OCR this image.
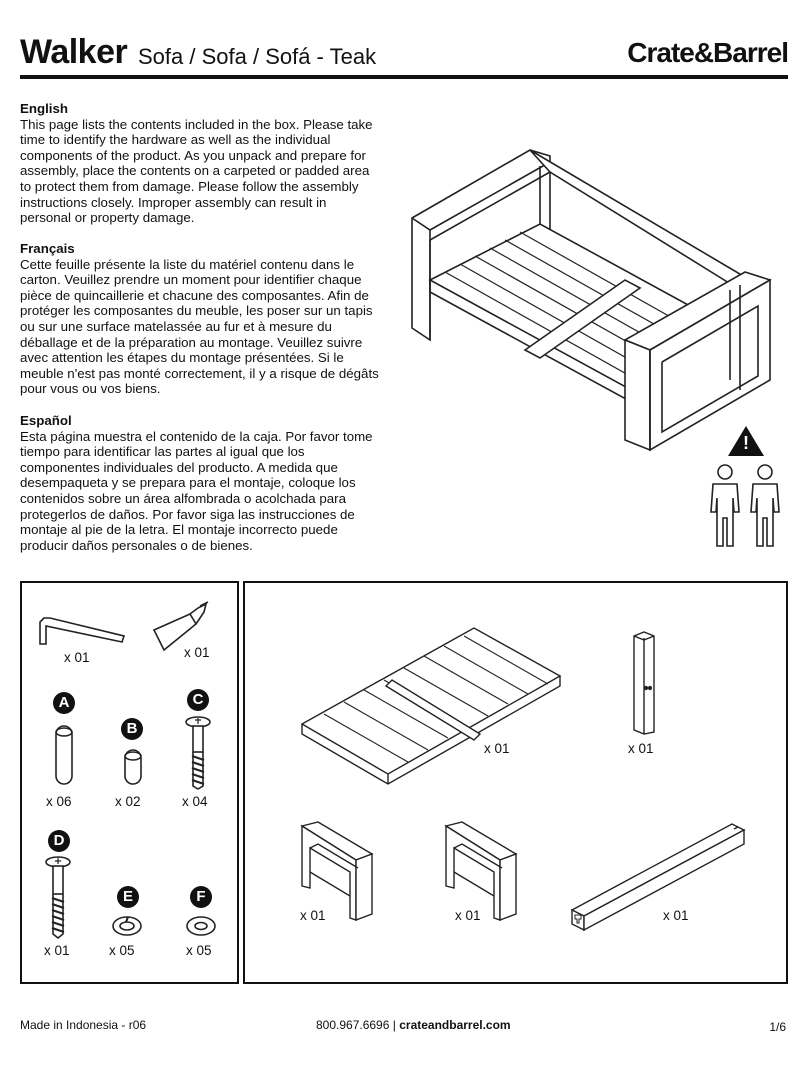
Walker Sofa / Sofa / Sofá - Teak	Crate&Barrel
English
This page lists the contents included in the box. Please take time to identify the hardware as well as the individual components of the product. As you unpack and prepare for assembly, place the contents on a carpeted or padded area to protect them from damage. Please follow the assembly instructions closely. Improper assembly can result in personal or property damage.
Français
Cette feuille présente la liste du matériel contenu dans le carton. Veuillez prendre un moment pour identifier chaque pièce de quincaillerie et chacune des composantes. Afin de protéger les composantes du meuble, les poser sur un tapis ou sur une surface matelassée au fur et à mesure du déballage et de la préparation au montage. Veuillez suivre avec attention les étapes du montage présentées. Si le meuble n'est pas monté correctement, il y a risque de dégâts pour vous ou vos biens.
Español
Esta página muestra el contenido de la caja. Por favor tome tiempo para identificar las partes al igual que los componentes individuales del producto. A medida que desempaqueta y se prepara para el montaje, coloque los contenidos sobre un área alfombrada o acolchada para protegerlos de daños. Por favor siga las instrucciones de montaje al pie de la letra. El montaje incorrecto puede producir daños personales o de bienes.
!
x 01	x 01
A
x 06
B
x 02
C
x 04
D
x 01
E
x 05
F
x 05
x 01	x 01
x 01	x 01	x 01
Made in Indonesia - r06	800.967.6696 | crateandbarrel.com	1/6
